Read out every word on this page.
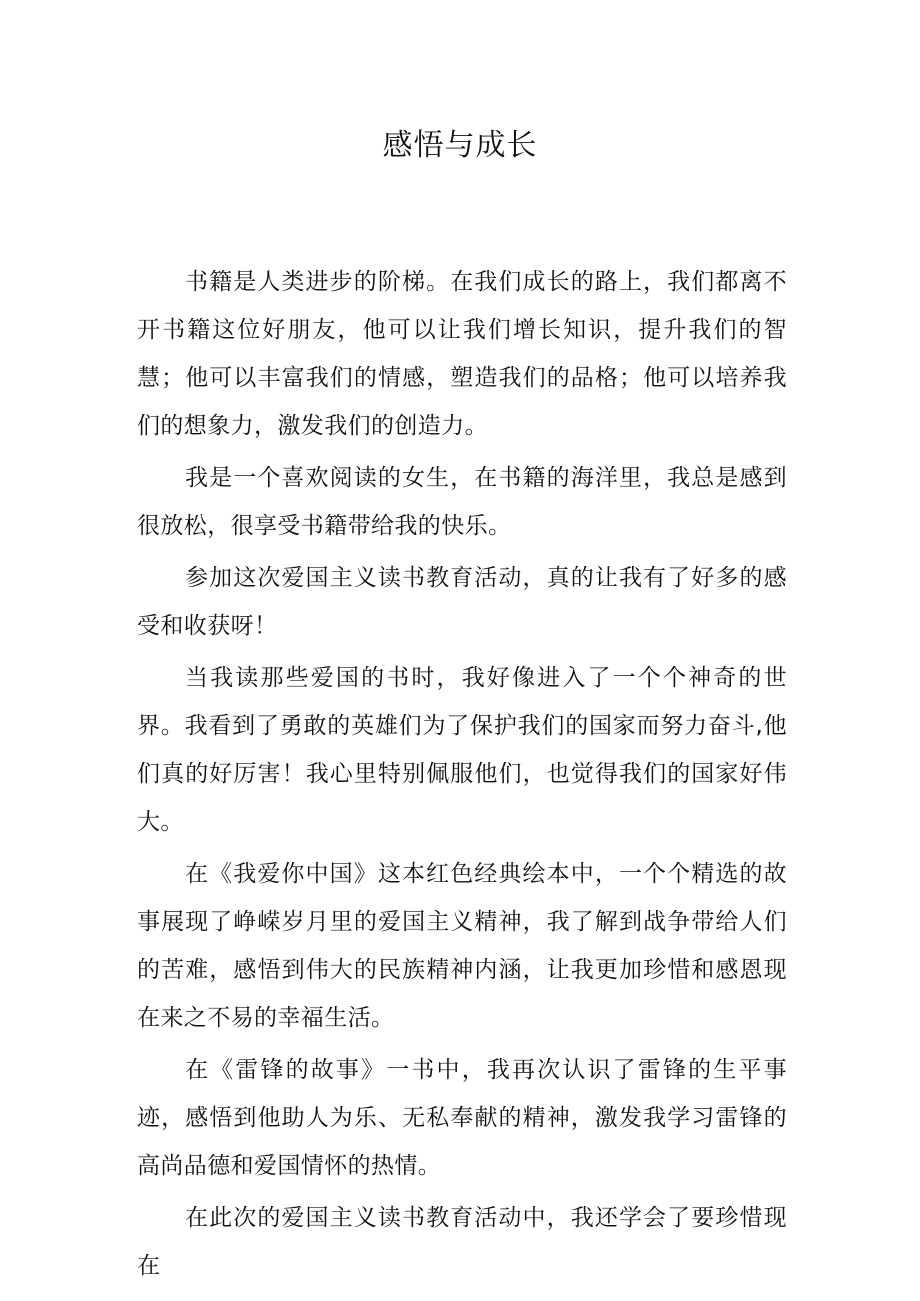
感悟与成长

书籍是人类进步的阶梯。在我们成长的路上，我们都离不开书籍这位好朋友，他可以让我们增长知识，提升我们的智慧；他可以丰富我们的情感，塑造我们的品格；他可以培养我们的想象力，激发我们的创造力。

我是一个喜欢阅读的女生，在书籍的海洋里，我总是感到很放松，很享受书籍带给我的快乐。

参加这次爱国主义读书教育活动，真的让我有了好多的感受和收获呀！

当我读那些爱国的书时，我好像进入了一个个神奇的世界。我看到了勇敢的英雄们为了保护我们的国家而努力奋斗,他们真的好厉害！我心里特别佩服他们，也觉得我们的国家好伟大。

在《我爱你中国》这本红色经典绘本中，一个个精选的故事展现了峥嵘岁月里的爱国主义精神，我了解到战争带给人们的苦难，感悟到伟大的民族精神内涵，让我更加珍惜和感恩现在来之不易的幸福生活。

在《雷锋的故事》一书中，我再次认识了雷锋的生平事迹，感悟到他助人为乐、无私奉献的精神，激发我学习雷锋的高尚品德和爱国情怀的热情。

在此次的爱国主义读书教育活动中，我还学会了要珍惜现在
